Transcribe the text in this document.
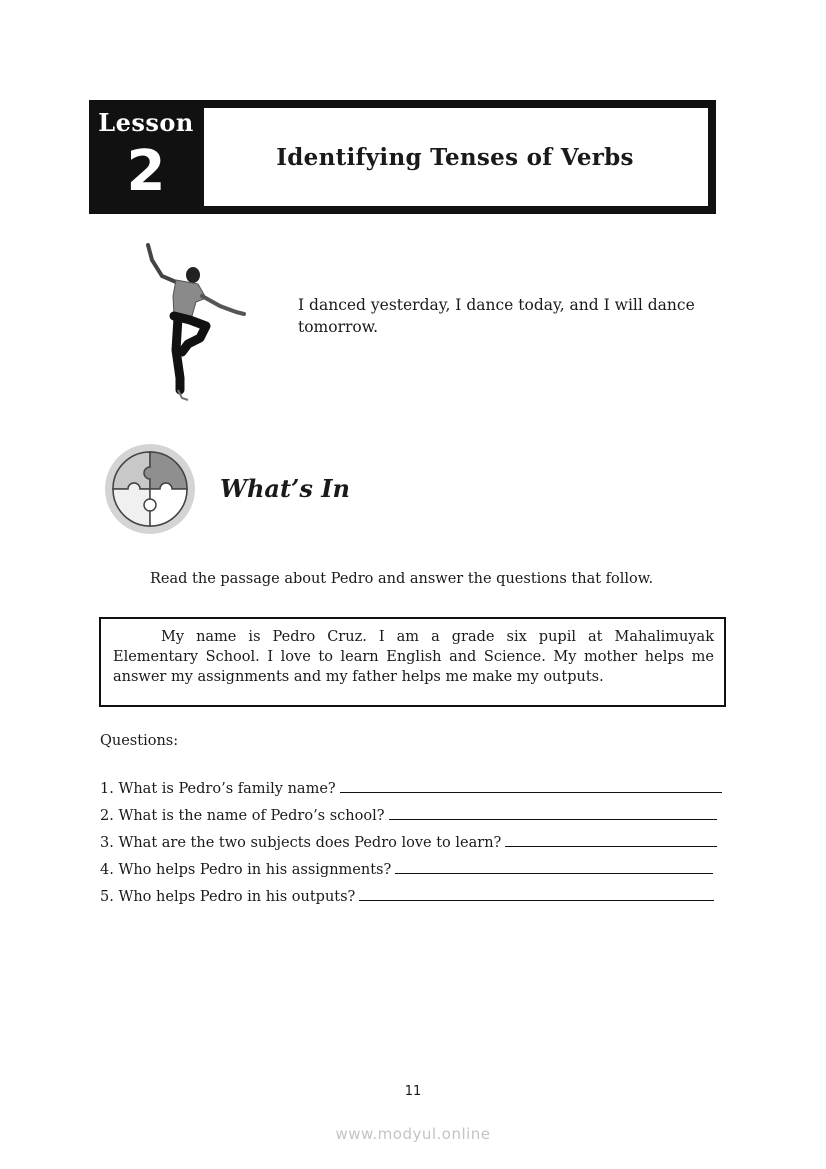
Lesson
2	Identifying Tenses of Verbs
I danced yesterday, I dance today, and I will dance tomorrow.
What’s In
Read the passage about Pedro and answer the questions that follow.

My name is Pedro Cruz. I am a grade six pupil at Mahalimuyak Elementary School. I love to learn English and Science. My mother helps me answer my assignments and my father helps me make my outputs.

Questions:
1. What is Pedro’s family name?
2. What is the name of Pedro’s school?
3. What are the two subjects does Pedro love to learn?
4. Who helps Pedro in his assignments?
5. Who helps Pedro in his outputs?
11
www.modyul.online
